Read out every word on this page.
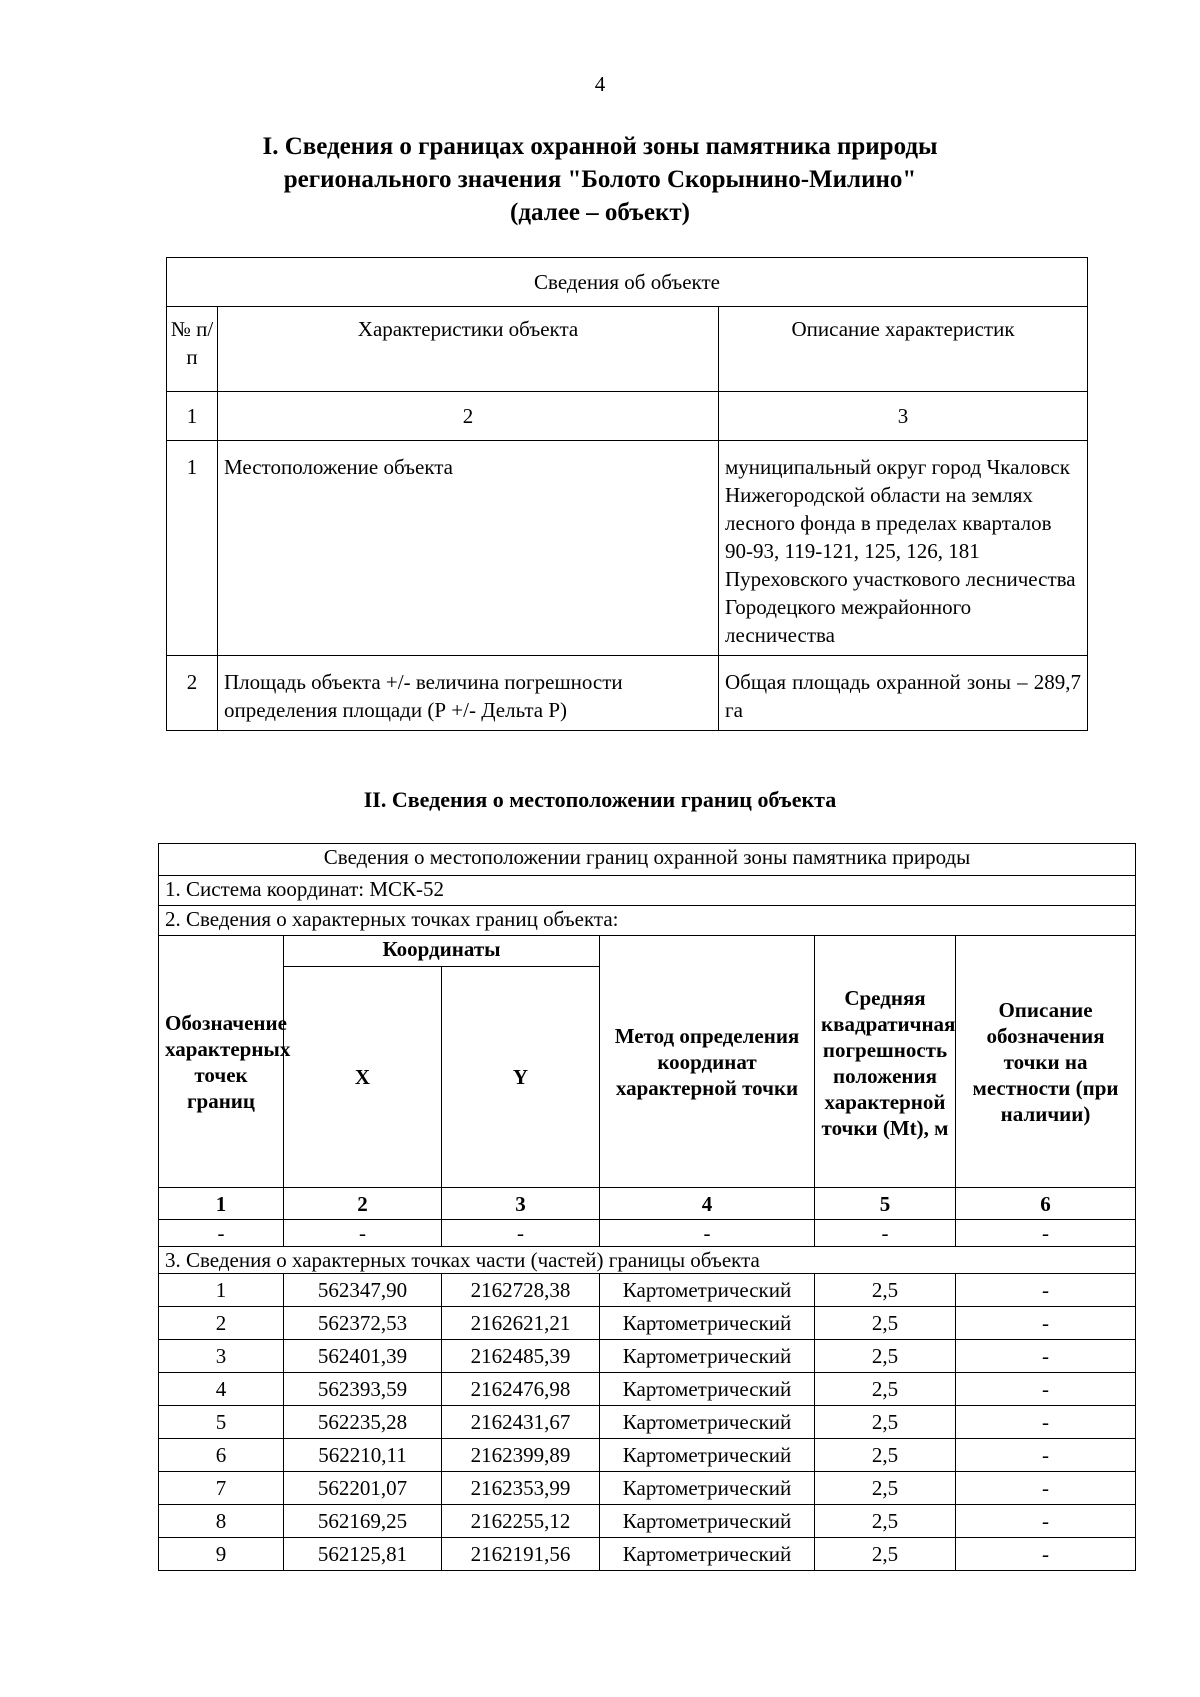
4
I. Сведения о границах охранной зоны памятника природы
регионального значения "Болото Скорынино-Милино"
(далее – объект)
Сведения об объекте		
№ п/п	Характеристики объекта	Описание характеристик
1	2	3
1	Местоположение объекта	муниципальный округ город Чкаловск Нижегородской области на землях лесного фонда в пределах кварталов 90-93, 119-121, 125, 126, 181 Пуреховского участкового лесничества Городецкого межрайонного лесничества
2	Площадь объекта +/- величина погрешности определения площади (Р +/- Дельта Р)	Общая площадь охранной зоны – 289,7 га
II. Сведения о местоположении границ объекта
Сведения о местоположении границ охранной зоны памятника природы					
1. Система координат: МСК-52					
2. Сведения о характерных точках границ объекта:					
Обозначение характерных точек границ	Координаты		Метод определения координат характерной точки	Средняя квадратичная погрешность положения характерной точки (Mt), м	Описание обозначения точки на местности (при наличии)
	X	Y			
1	2	3	4	5	6
-	-	-	-	-	-
3. Сведения о характерных точках части (частей) границы объекта					
1	562347,90	2162728,38	Картометрический	2,5	-
2	562372,53	2162621,21	Картометрический	2,5	-
3	562401,39	2162485,39	Картометрический	2,5	-
4	562393,59	2162476,98	Картометрический	2,5	-
5	562235,28	2162431,67	Картометрический	2,5	-
6	562210,11	2162399,89	Картометрический	2,5	-
7	562201,07	2162353,99	Картометрический	2,5	-
8	562169,25	2162255,12	Картометрический	2,5	-
9	562125,81	2162191,56	Картометрический	2,5	-
